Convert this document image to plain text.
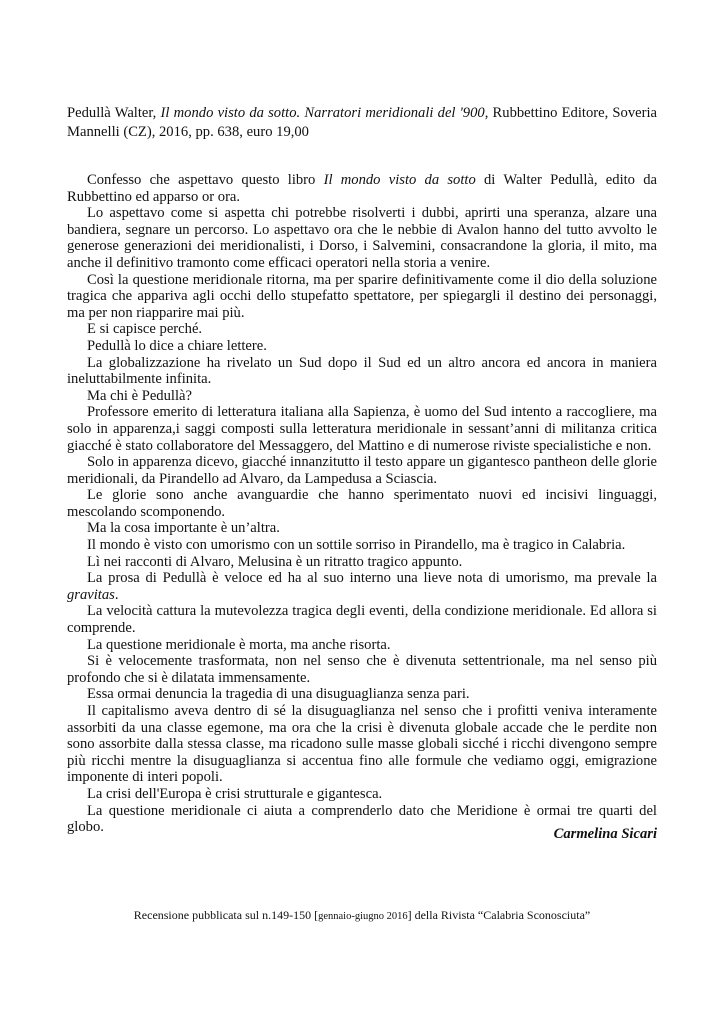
Pedullà Walter, Il mondo visto da sotto. Narratori meridionali del '900, Rubbettino Editore, Soveria Mannelli (CZ), 2016, pp. 638, euro 19,00

Confesso che aspettavo questo libro Il mondo visto da sotto di Walter Pedullà, edito da Rubbettino ed apparso or ora.

Lo aspettavo come si aspetta chi potrebbe risolverti i dubbi, aprirti una speranza, alzare una bandiera, segnare un percorso. Lo aspettavo ora che le nebbie di Avalon hanno del tutto avvolto le generose generazioni dei meridionalisti, i Dorso, i Salvemini, consacrandone la gloria, il mito, ma anche il definitivo tramonto come efficaci operatori nella storia a venire.

Così la questione meridionale ritorna, ma per sparire definitivamente come il dio della soluzione tragica che appariva agli occhi dello stupefatto spettatore, per spiegargli il destino dei personaggi, ma per non riapparire mai più.

E si capisce perché.

Pedullà lo dice a chiare lettere.

La globalizzazione ha rivelato un Sud dopo il Sud ed un altro ancora ed ancora in maniera ineluttabilmente infinita.

Ma chi è Pedullà?

Professore emerito di letteratura italiana alla Sapienza, è uomo del Sud intento a raccogliere, ma solo in apparenza,i saggi composti sulla letteratura meridionale in sessant’anni di militanza critica giacché è stato collaboratore del Messaggero, del Mattino e di numerose riviste specialistiche e non.

Solo in apparenza dicevo, giacché innanzitutto il testo appare un gigantesco pantheon delle glorie meridionali, da Pirandello ad Alvaro, da Lampedusa a Sciascia.

Le glorie sono anche avanguardie che hanno sperimentato nuovi ed incisivi linguaggi, mescolando scomponendo.

Ma la cosa importante è un’altra.

Il mondo è visto con umorismo con un sottile sorriso in Pirandello, ma è tragico in Calabria.

Lì nei racconti di Alvaro, Melusina è un ritratto tragico appunto.

La prosa di Pedullà è veloce ed ha al suo interno una lieve nota di umorismo, ma prevale la gravitas.

La velocità cattura la mutevolezza tragica degli eventi, della condizione meridionale. Ed allora si comprende.

La questione meridionale è morta, ma anche risorta.

Si è velocemente trasformata, non nel senso che è divenuta settentrionale, ma nel senso più profondo che si è dilatata immensamente.

Essa ormai denuncia la tragedia di una disuguaglianza senza pari.

Il capitalismo aveva dentro di sé la disuguaglianza nel senso che i profitti veniva interamente assorbiti da una classe egemone, ma ora che la crisi è divenuta globale accade che le perdite non sono assorbite dalla stessa classe, ma ricadono sulle masse globali sicché i ricchi divengono sempre più ricchi mentre la disuguaglianza si accentua fino alle formule che vediamo oggi, emigrazione imponente di interi popoli.

La crisi dell'Europa è crisi strutturale e gigantesca.

La questione meridionale ci aiuta a comprenderlo dato che Meridione è ormai tre quarti del globo.	Carmelina Sicari
Recensione pubblicata sul n.149-150 [gennaio-giugno 2016] della Rivista “Calabria Sconosciuta”
